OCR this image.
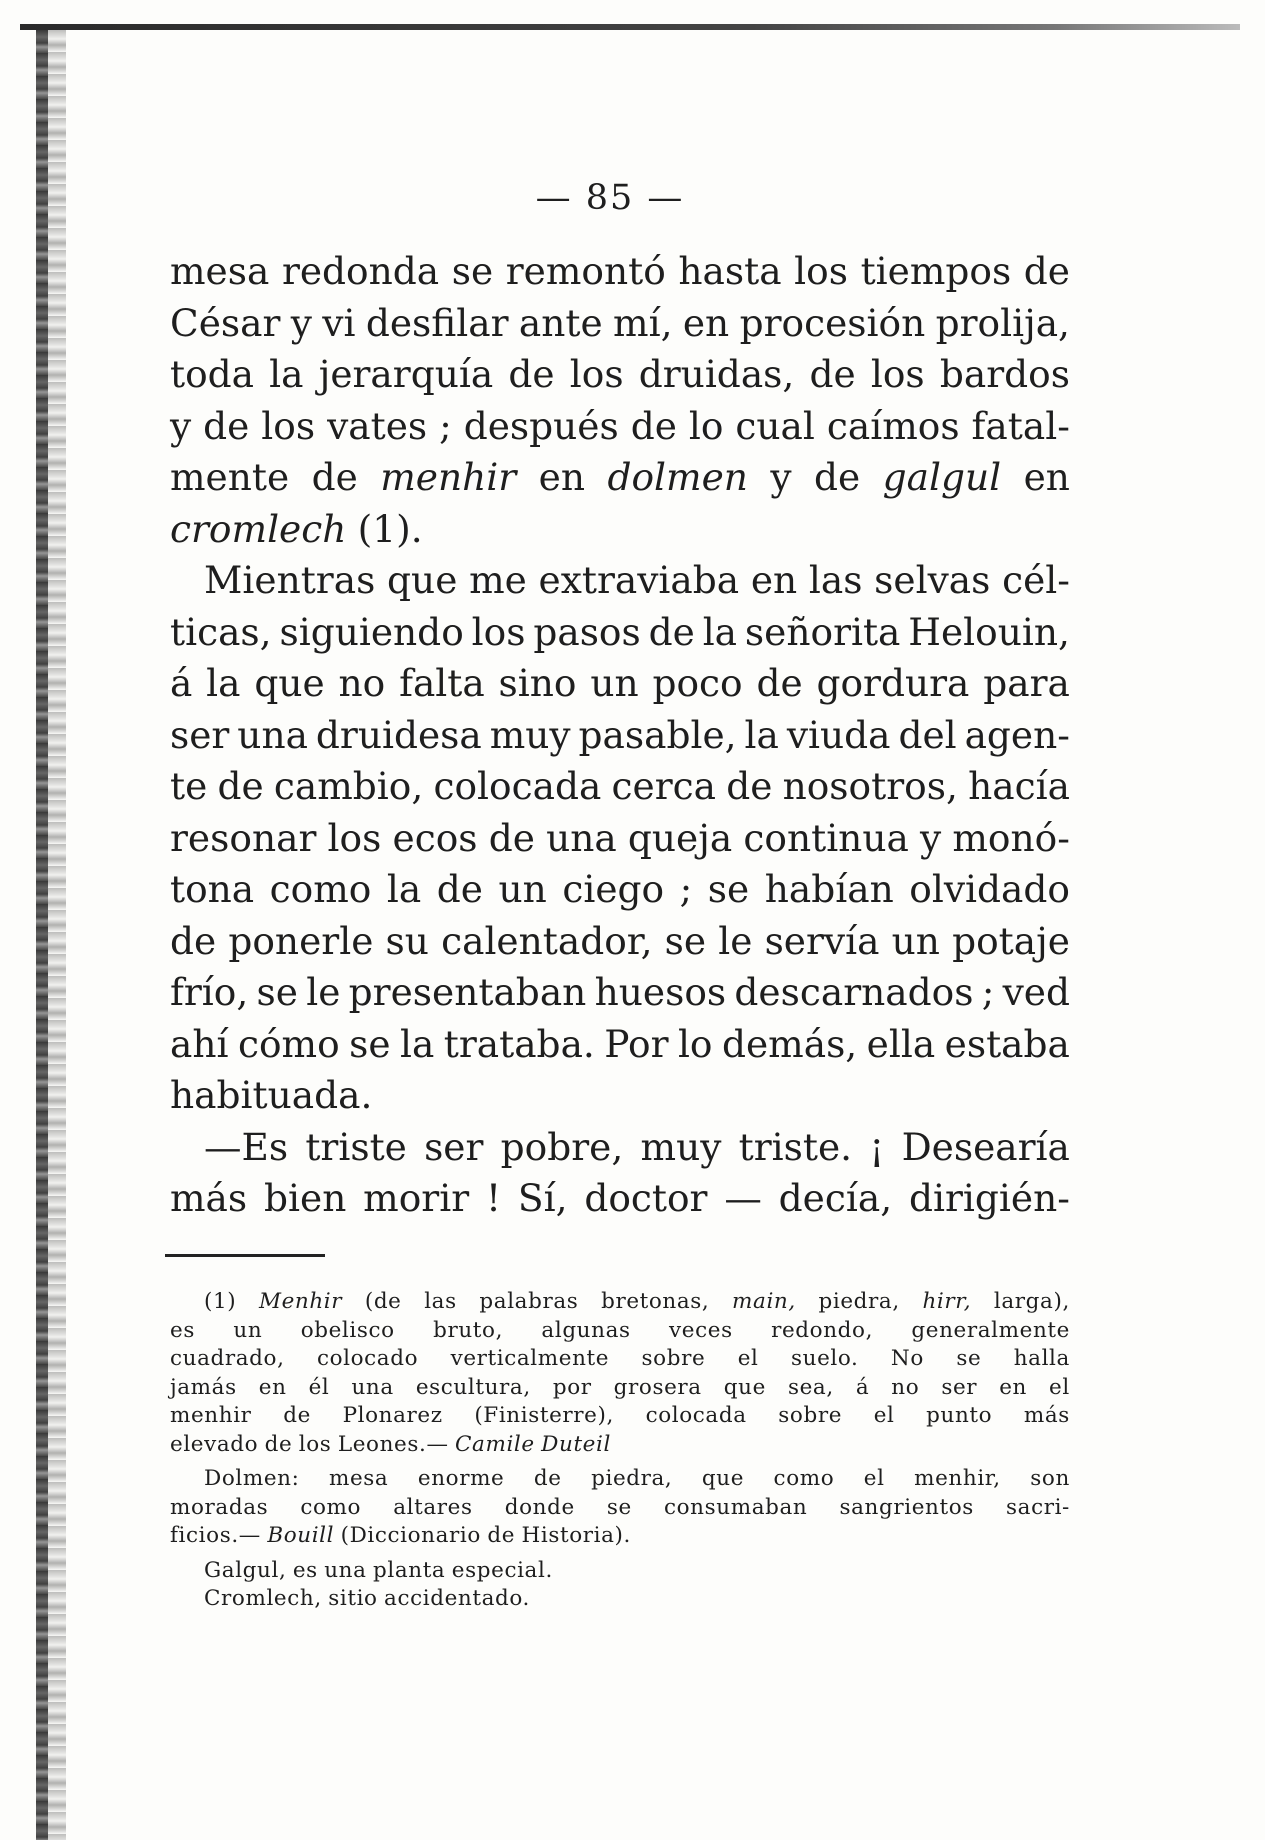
— 85 —
mesa redonda se remontó hasta los tiempos de
César y vi desfilar ante mí, en procesión prolija,
toda la jerarquía de los druidas, de los bardos
y de los vates ; después de lo cual caímos fatal-
mente de menhir en dolmen y de galgul en
cromlech (1).
Mientras que me extraviaba en las selvas cél-
ticas, siguiendo los pasos de la señorita Helouin,
á la que no falta sino un poco de gordura para
ser una druidesa muy pasable, la viuda del agen-
te de cambio, colocada cerca de nosotros, hacía
resonar los ecos de una queja continua y monó-
tona como la de un ciego ; se habían olvidado
de ponerle su calentador, se le servía un potaje
frío, se le presentaban huesos descarnados ; ved
ahí cómo se la trataba. Por lo demás, ella estaba
habituada.
—Es triste ser pobre, muy triste. ¡ Desearía
más bien morir ! Sí, doctor — decía, dirigién-
(1) Menhir (de las palabras bretonas, main, piedra, hirr, larga),
es un obelisco bruto, algunas veces redondo, generalmente
cuadrado, colocado verticalmente sobre el suelo. No se halla
jamás en él una escultura, por grosera que sea, á no ser en el
menhir de Plonarez (Finisterre), colocada sobre el punto más
elevado de los Leones.— Camile Duteil
Dolmen: mesa enorme de piedra, que como el menhir, son
moradas como altares donde se consumaban sangrientos sacri-
ficios.— Bouill (Diccionario de Historia).
Galgul, es una planta especial.
Cromlech, sitio accidentado.
